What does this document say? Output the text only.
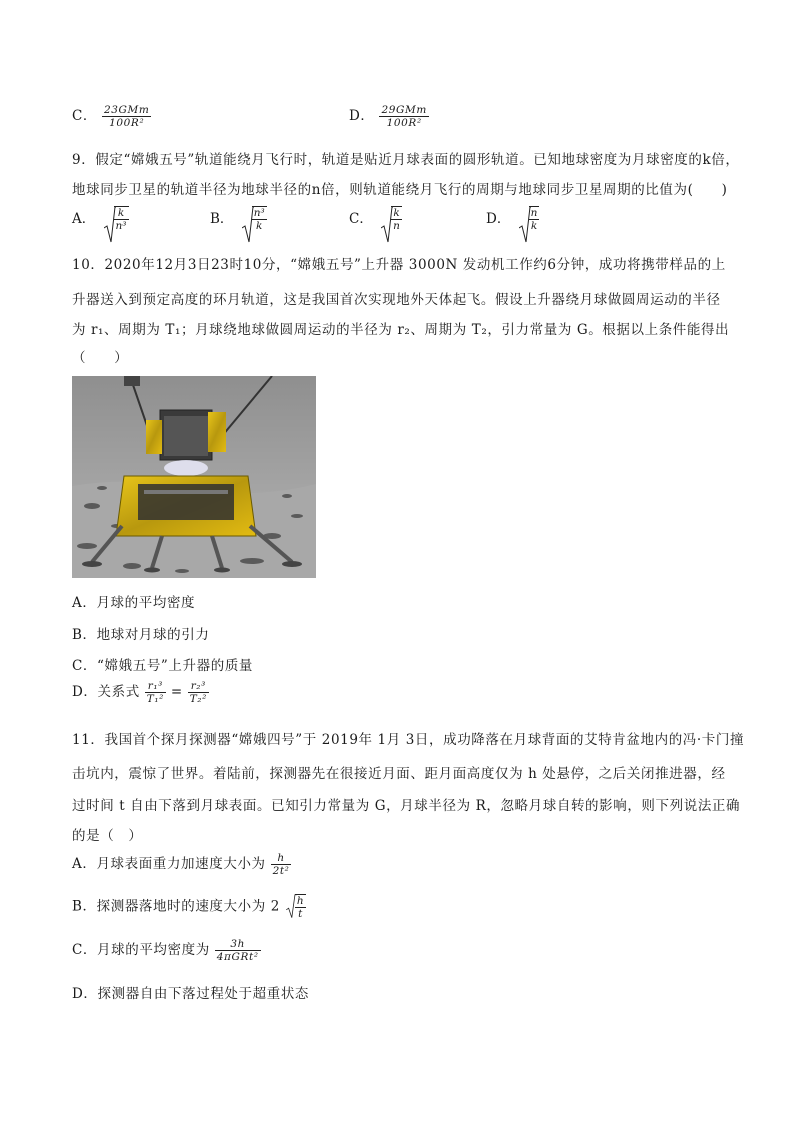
C． $\frac{\text{23GMm}}{\text{100R²}}$	D． $\frac{\text{29GMm}}{\text{100R²}}$
9．假定“嫦娥五号”轨道能绕月飞行时，轨道是贴近月球表面的圆形轨道。已知地球密度为月球密度的k倍，
地球同步卫星的轨道半径为地球半径的n倍，则轨道能绕月飞行的周期与地球同步卫星周期的比值为(　　)
A． $\frac{k}{\text{n³}}$	B． $\frac{\text{n³}}{k}$	C． $\frac{k}{n}$	D． $\frac{n}{k}$
10．2020年12月3日23时10分，“嫦娥五号”上升器 3000N 发动机工作约6分钟，成功将携带样品的上
升器送入到预定高度的环月轨道，这是我国首次实现地外天体起飞。假设上升器绕月球做圆周运动的半径
为 r₁、周期为 T₁；月球绕地球做圆周运动的半径为 r₂、周期为 T₂，引力常量为 G。根据以上条件能得出
（　　）
A．月球的平均密度
B．地球对月球的引力
C．“嫦娥五号”上升器的质量
D．关系式 $\frac{\text{r₁³}}{\text{T₁²}} = \frac{\text{r₂³}}{\text{T₂²}}$
11．我国首个探月探测器“嫦娥四号”于 2019年 1月 3日，成功降落在月球背面的艾特肯盆地内的冯·卡门撞
击坑内，震惊了世界。着陆前，探测器先在很接近月面、距月面高度仅为 h 处悬停，之后关闭推进器，经
过时间 t 自由下落到月球表面。已知引力常量为 G，月球半径为 R，忽略月球自转的影响，则下列说法正确
的是（　）
A．月球表面重力加速度大小为 $\frac{h}{\text{2t²}}$
B．探测器落地时的速度大小为 $2 \frac{h}{t}$
C．月球的平均密度为 $\frac{3h}{\text{4πGRt²}}$
D．探测器自由下落过程处于超重状态
